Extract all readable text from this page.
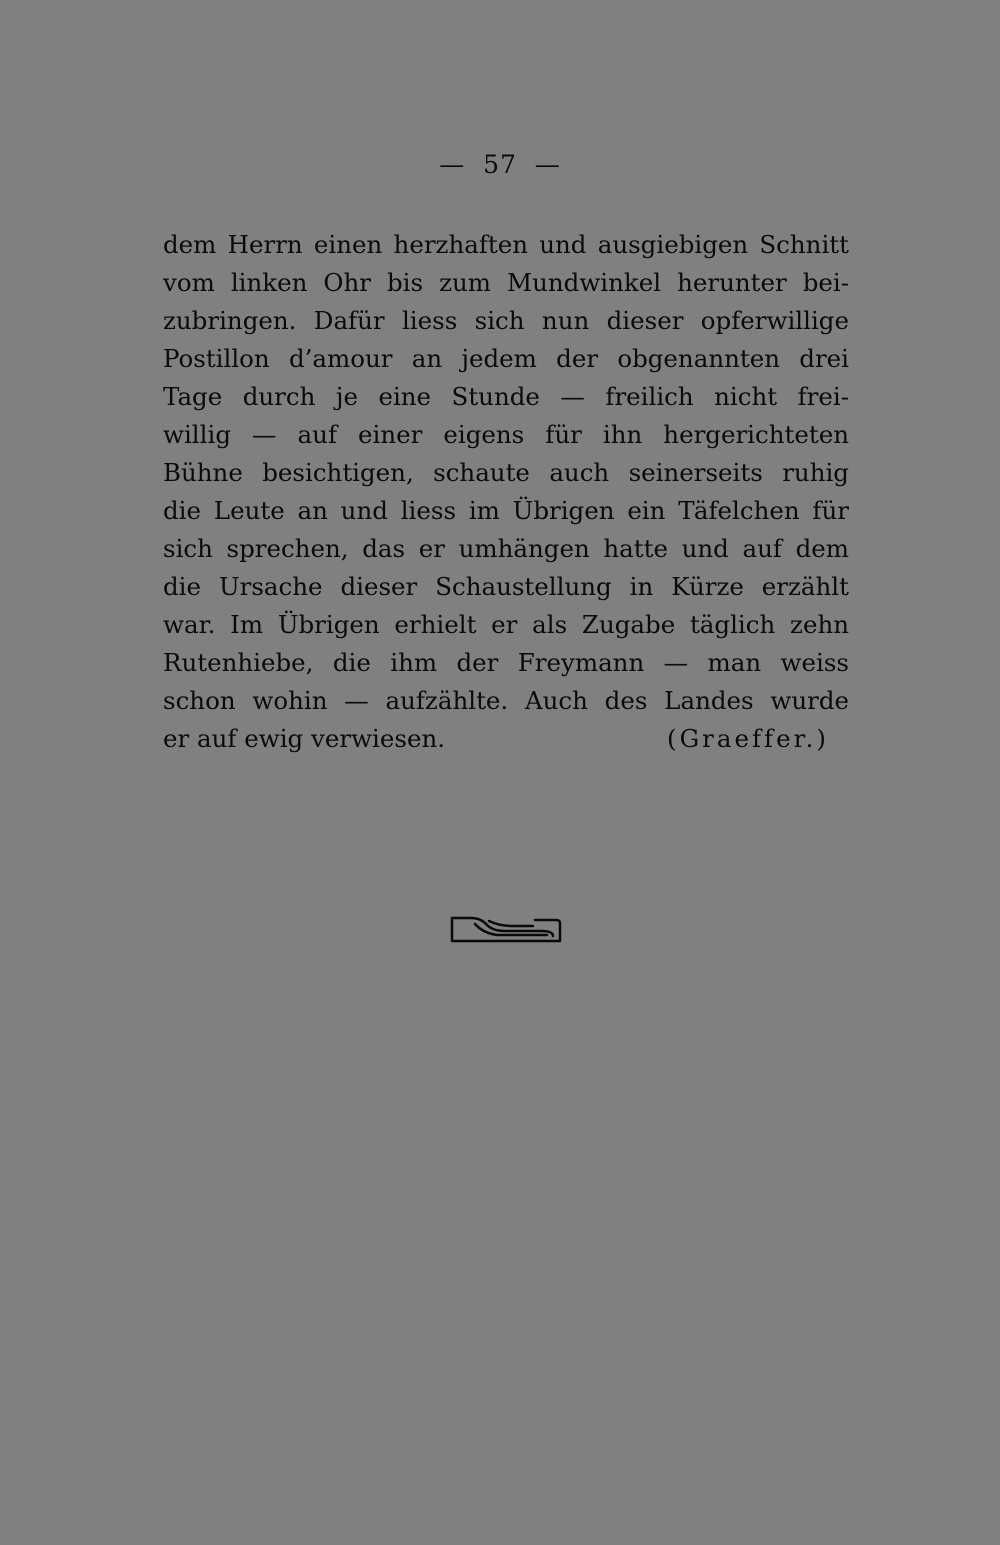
—  57  —
dem Herrn einen herzhaften und ausgiebigen Schnitt
vom linken Ohr bis zum Mundwinkel herunter bei-
zubringen. Dafür liess sich nun dieser opferwillige
Postillon d’amour an jedem der obgenannten drei
Tage durch je eine Stunde — freilich nicht frei-
willig — auf einer eigens für ihn hergerichteten
Bühne besichtigen, schaute auch seinerseits ruhig
die Leute an und liess im Übrigen ein Täfelchen für
sich sprechen, das er umhängen hatte und auf dem
die Ursache dieser Schaustellung in Kürze erzählt
war. Im Übrigen erhielt er als Zugabe täglich zehn
Rutenhiebe, die ihm der Freymann — man weiss
schon wohin — aufzählte. Auch des Landes wurde
er auf ewig verwiesen.	(Graeffer.)
